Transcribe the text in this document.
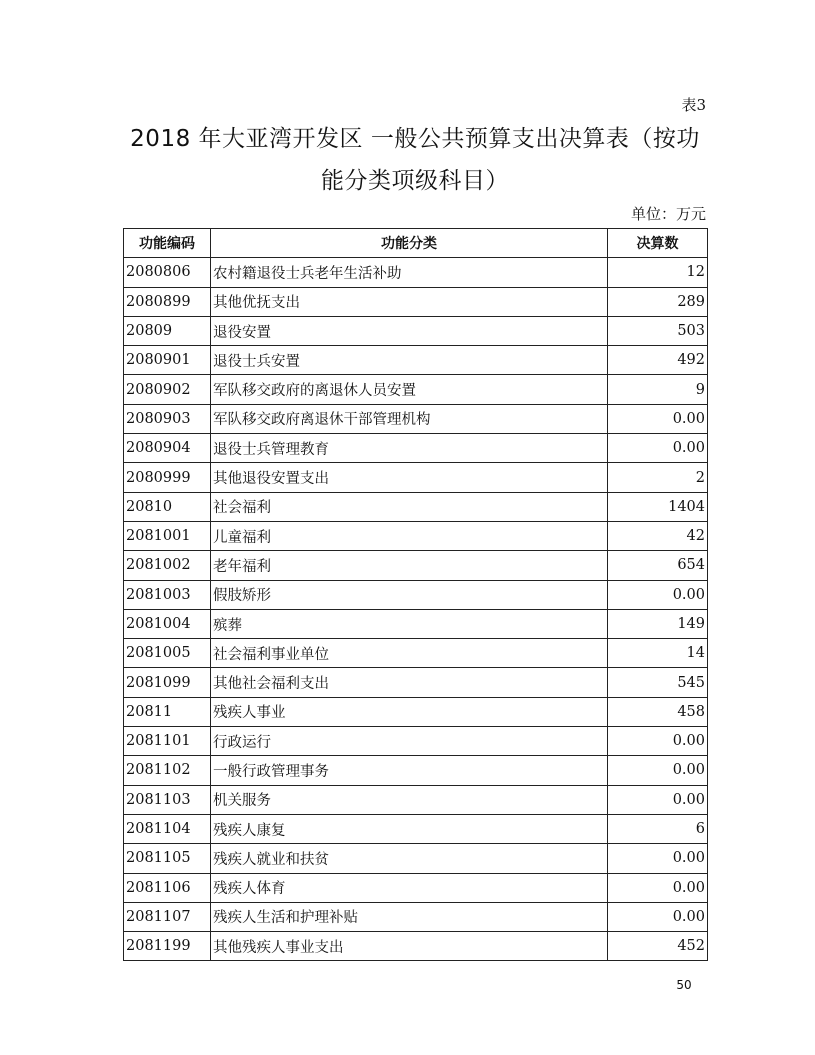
表3
2018 年大亚湾开发区 一般公共预算支出决算表（按功
能分类项级科目）
单位：万元
功能编码	功能分类	决算数
2080806	农村籍退役士兵老年生活补助	12
2080899	其他优抚支出	289
20809	退役安置	503
2080901	退役士兵安置	492
2080902	军队移交政府的离退休人员安置	9
2080903	军队移交政府离退休干部管理机构	0.00
2080904	退役士兵管理教育	0.00
2080999	其他退役安置支出	2
20810	社会福利	1404
2081001	儿童福利	42
2081002	老年福利	654
2081003	假肢矫形	0.00
2081004	殡葬	149
2081005	社会福利事业单位	14
2081099	其他社会福利支出	545
20811	残疾人事业	458
2081101	行政运行	0.00
2081102	一般行政管理事务	0.00
2081103	机关服务	0.00
2081104	残疾人康复	6
2081105	残疾人就业和扶贫	0.00
2081106	残疾人体育	0.00
2081107	残疾人生活和护理补贴	0.00
2081199	其他残疾人事业支出	452
50
